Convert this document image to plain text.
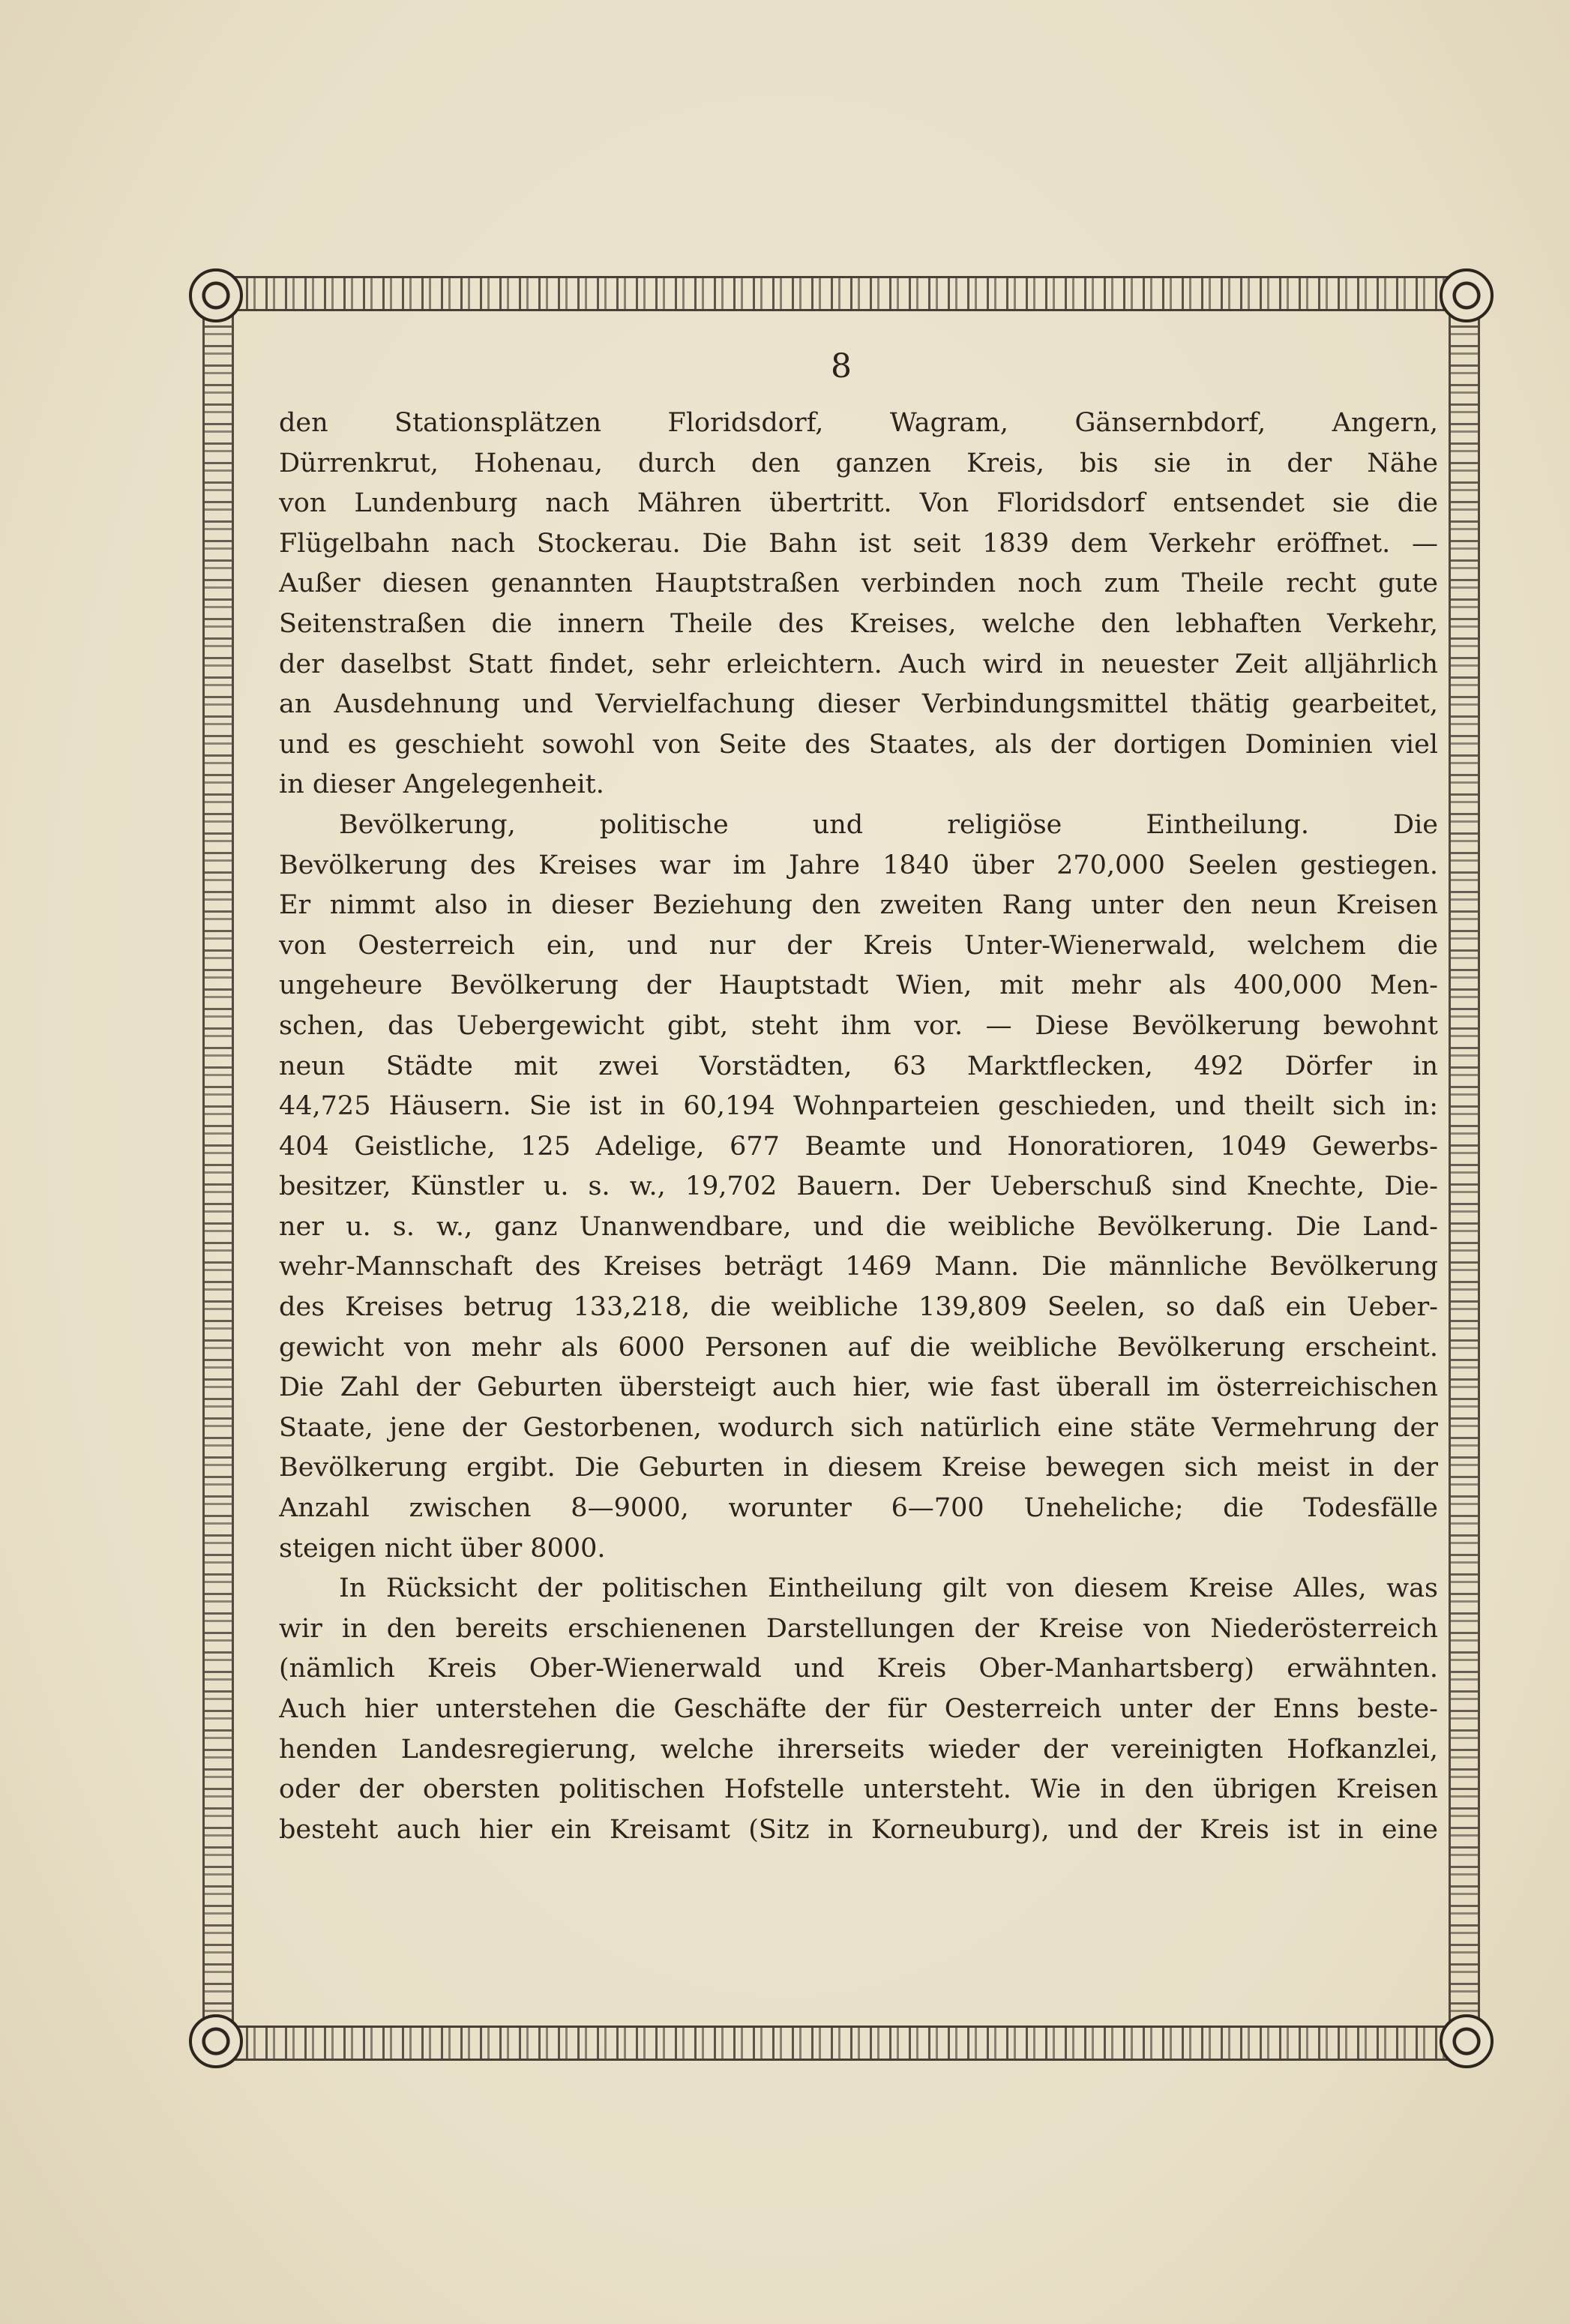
8
den Stationsplätzen Floridsdorf, Wagram, Gänsernbdorf, Angern,
Dürrenkrut, Hohenau, durch den ganzen Kreis, bis sie in der Nähe
von Lundenburg nach Mähren übertritt. Von Floridsdorf entsendet sie die
Flügelbahn nach Stockerau. Die Bahn ist seit 1839 dem Verkehr eröffnet. —
Außer diesen genannten Hauptstraßen verbinden noch zum Theile recht gute
Seitenstraßen die innern Theile des Kreises, welche den lebhaften Verkehr,
der daselbst Statt findet, sehr erleichtern. Auch wird in neuester Zeit alljährlich
an Ausdehnung und Vervielfachung dieser Verbindungsmittel thätig gearbeitet,
und es geschieht sowohl von Seite des Staates, als der dortigen Dominien viel
in dieser Angelegenheit.
Bevölkerung, politische und religiöse Eintheilung. Die
Bevölkerung des Kreises war im Jahre 1840 über 270,000 Seelen gestiegen.
Er nimmt also in dieser Beziehung den zweiten Rang unter den neun Kreisen
von Oesterreich ein, und nur der Kreis Unter-Wienerwald, welchem die
ungeheure Bevölkerung der Hauptstadt Wien, mit mehr als 400,000 Men-
schen, das Uebergewicht gibt, steht ihm vor. — Diese Bevölkerung bewohnt
neun Städte mit zwei Vorstädten, 63 Marktflecken, 492 Dörfer in
44,725 Häusern. Sie ist in 60,194 Wohnparteien geschieden, und theilt sich in:
404 Geistliche, 125 Adelige, 677 Beamte und Honoratioren, 1049 Gewerbs-
besitzer, Künstler u. s. w., 19,702 Bauern. Der Ueberschuß sind Knechte, Die-
ner u. s. w., ganz Unanwendbare, und die weibliche Bevölkerung. Die Land-
wehr-Mannschaft des Kreises beträgt 1469 Mann. Die männliche Bevölkerung
des Kreises betrug 133,218, die weibliche 139,809 Seelen, so daß ein Ueber-
gewicht von mehr als 6000 Personen auf die weibliche Bevölkerung erscheint.
Die Zahl der Geburten übersteigt auch hier, wie fast überall im österreichischen
Staate, jene der Gestorbenen, wodurch sich natürlich eine stäte Vermehrung der
Bevölkerung ergibt. Die Geburten in diesem Kreise bewegen sich meist in der
Anzahl zwischen 8—9000, worunter 6—700 Uneheliche; die Todesfälle
steigen nicht über 8000.
In Rücksicht der politischen Eintheilung gilt von diesem Kreise Alles, was
wir in den bereits erschienenen Darstellungen der Kreise von Niederösterreich
(nämlich Kreis Ober-Wienerwald und Kreis Ober-Manhartsberg) erwähnten.
Auch hier unterstehen die Geschäfte der für Oesterreich unter der Enns beste-
henden Landesregierung, welche ihrerseits wieder der vereinigten Hofkanzlei,
oder der obersten politischen Hofstelle untersteht. Wie in den übrigen Kreisen
besteht auch hier ein Kreisamt (Sitz in Korneuburg), und der Kreis ist in eine
